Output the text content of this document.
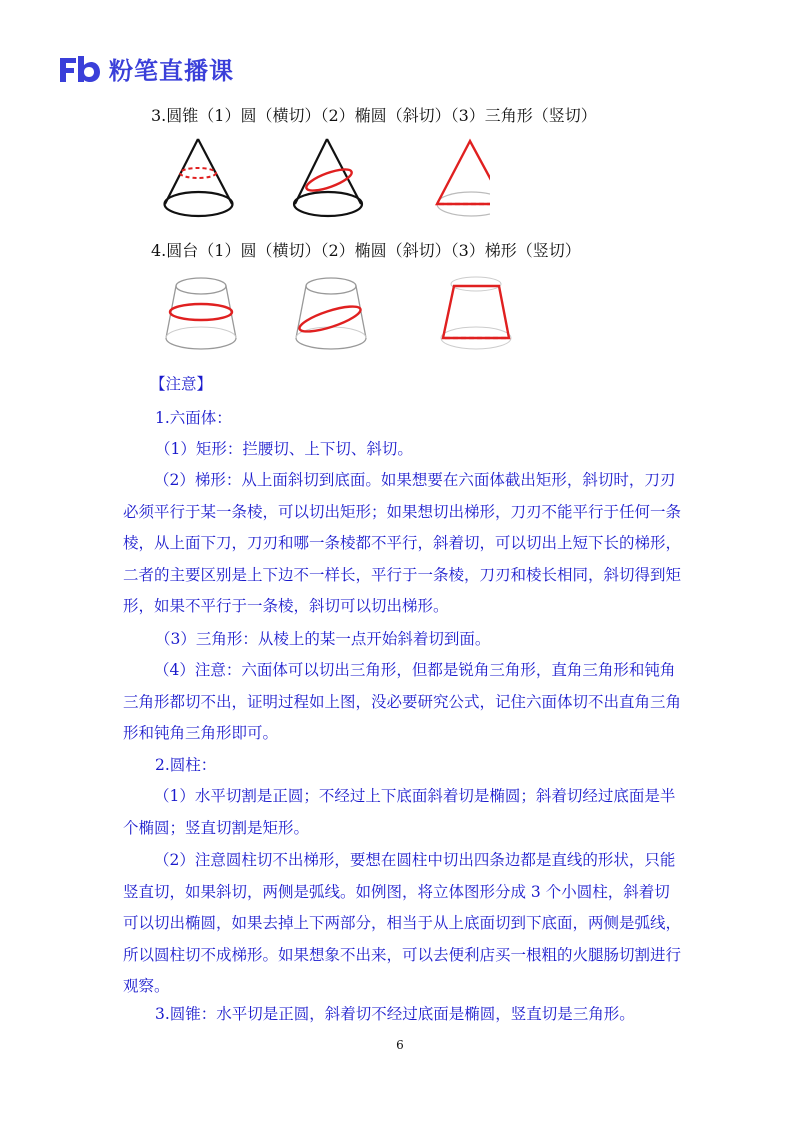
粉笔直播课
3.圆锥（1）圆（横切）（2）椭圆（斜切）（3）三角形（竖切）
4.圆台（1）圆（横切）（2）椭圆（斜切）（3）梯形（竖切）
【注意】
1.六面体：
（1）矩形：拦腰切、上下切、斜切。
（2）梯形：从上面斜切到底面。如果想要在六面体截出矩形，斜切时，刀刃必须平行于某一条棱，可以切出矩形；如果想切出梯形，刀刃不能平行于任何一条棱，从上面下刀，刀刃和哪一条棱都不平行，斜着切，可以切出上短下长的梯形，二者的主要区别是上下边不一样长，平行于一条棱，刀刃和棱长相同，斜切得到矩形，如果不平行于一条棱，斜切可以切出梯形。
（3）三角形：从棱上的某一点开始斜着切到面。
（4）注意：六面体可以切出三角形，但都是锐角三角形，直角三角形和钝角三角形都切不出，证明过程如上图，没必要研究公式，记住六面体切不出直角三角形和钝角三角形即可。
2.圆柱：
（1）水平切割是正圆；不经过上下底面斜着切是椭圆；斜着切经过底面是半个椭圆；竖直切割是矩形。
（2）注意圆柱切不出梯形，要想在圆柱中切出四条边都是直线的形状，只能竖直切，如果斜切，两侧是弧线。如例图，将立体图形分成 3 个小圆柱，斜着切可以切出椭圆，如果去掉上下两部分，相当于从上底面切到下底面，两侧是弧线，所以圆柱切不成梯形。如果想象不出来，可以去便利店买一根粗的火腿肠切割进行观察。
3.圆锥：水平切是正圆，斜着切不经过底面是椭圆，竖直切是三角形。
6
